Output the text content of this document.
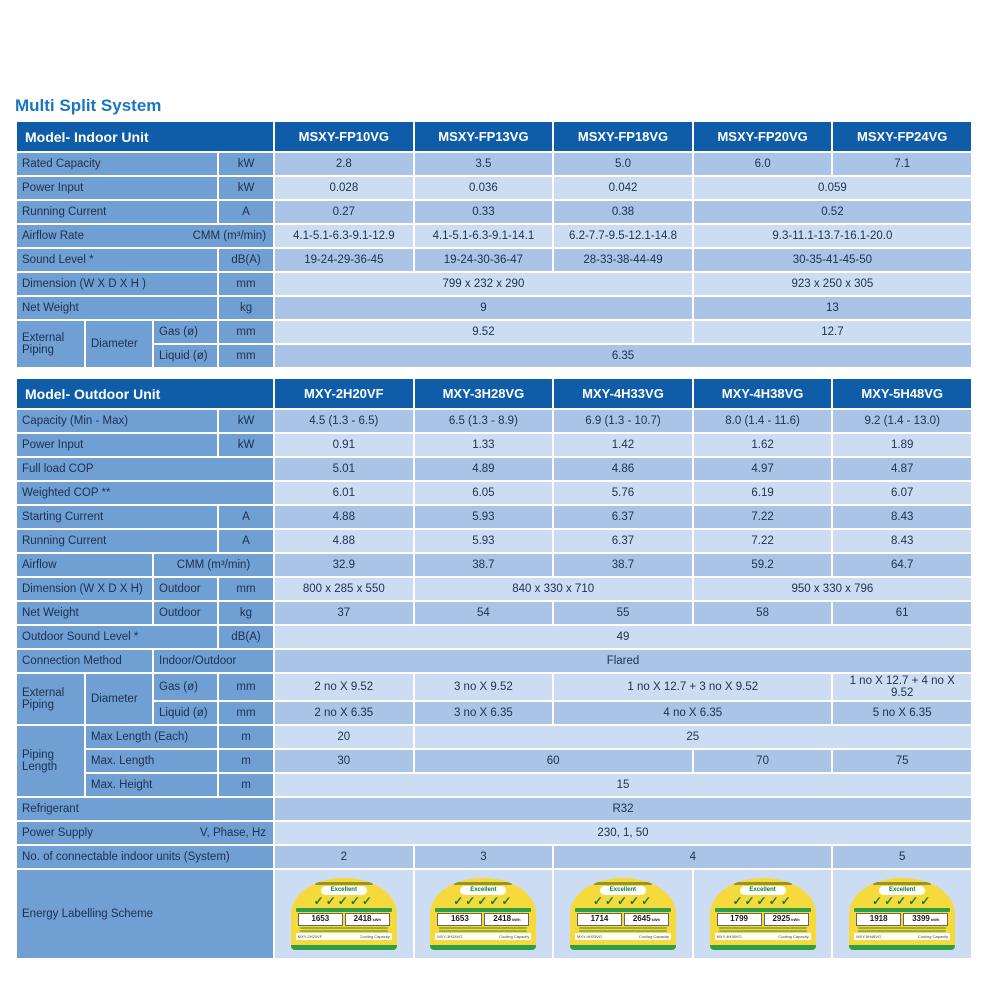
Multi Split System
Model- Indoor Unit				MSXY-FP10VG	MSXY-FP13VG	MSXY-FP18VG	MSXY-FP20VG	MSXY-FP24VG
Rated Capacity			kW	2.8	3.5	5.0	6.0	7.1
Power Input			kW	0.028	0.036	0.042	0.059	
Running Current			A	0.27	0.33	0.38	0.52	

Airflow Rate CMM (m³/min)				4.1-5.1-6.3-9.1-12.9	4.1-5.1-6.3-9.1-14.1	6.2-7.7-9.5-12.1-14.8	9.3-11.1-13.7-16.1-20.0	
Sound Level *			dB(A)	19-24-29-36-45	19-24-30-36-47	28-33-38-44-49	30-35-41-45-50	
Dimension (W X D X H )			mm	799 x 232 x 290			923 x 250 x 305	
Net Weight			kg	9			13	
External Piping	Diameter	Gas (ø)	mm	9.52			12.7	
		Liquid (ø)	mm	6.35				
Model- Outdoor Unit				MXY-2H20VF	MXY-3H28VG	MXY-4H33VG	MXY-4H38VG	MXY-5H48VG
Capacity (Min - Max)			kW	4.5 (1.3 - 6.5)	6.5 (1.3 - 8.9)	6.9 (1.3 - 10.7)	8.0 (1.4 - 11.6)	9.2 (1.4 - 13.0)
Power Input			kW	0.91	1.33	1.42	1.62	1.89
Full load COP				5.01	4.89	4.86	4.97	4.87
Weighted COP **				6.01	6.05	5.76	6.19	6.07
Starting Current			A	4.88	5.93	6.37	7.22	8.43
Running Current			A	4.88	5.93	6.37	7.22	8.43
Airflow		CMM (m³/min)		32.9	38.7	38.7	59.2	64.7
Dimension (W X D X H)		Outdoor	mm	800 x 285 x 550	840 x 330 x 710		950 x 330 x 796	
Net Weight		Outdoor	kg	37	54	55	58	61
Outdoor Sound Level *			dB(A)	49				
Connection Method		Indoor/Outdoor		Flared				
External Piping	Diameter	Gas (ø)	mm	2 no X 9.52	3 no X 9.52	1 no X 12.7 + 3 no X 9.52		1 no X 12.7 + 4 no X 9.52
		Liquid (ø)	mm	2 no X 6.35	3 no X 6.35	4 no X 6.35		5 no X 6.35
Piping Length	Max Length (Each)		m	20	25			
	Max. Length		m	30	60		70	75
	Max. Height		m	15				
Refrigerant				R32				

Power Supply V, Phase, Hz				230, 1, 50				
No. of connectable indoor units (System)				2	3	4		5
Energy Labelling Scheme	
Excellent
✓✓✓✓✓
1653	2418kWh
MXY-2H20VF	Cooling Capacity

Excellent
✓✓✓✓✓
1653	2418kWh
MXY-3H28VG	Cooling Capacity

Excellent
✓✓✓✓✓
1714	2645kWh
MXY-4H33VG	Cooling Capacity

Excellent
✓✓✓✓✓
1799	2925kWh
MXY-4H38VG	Cooling Capacity

Excellent
✓✓✓✓✓
1918	3399kWh
MXY-5H48VG	Cooling Capacity
